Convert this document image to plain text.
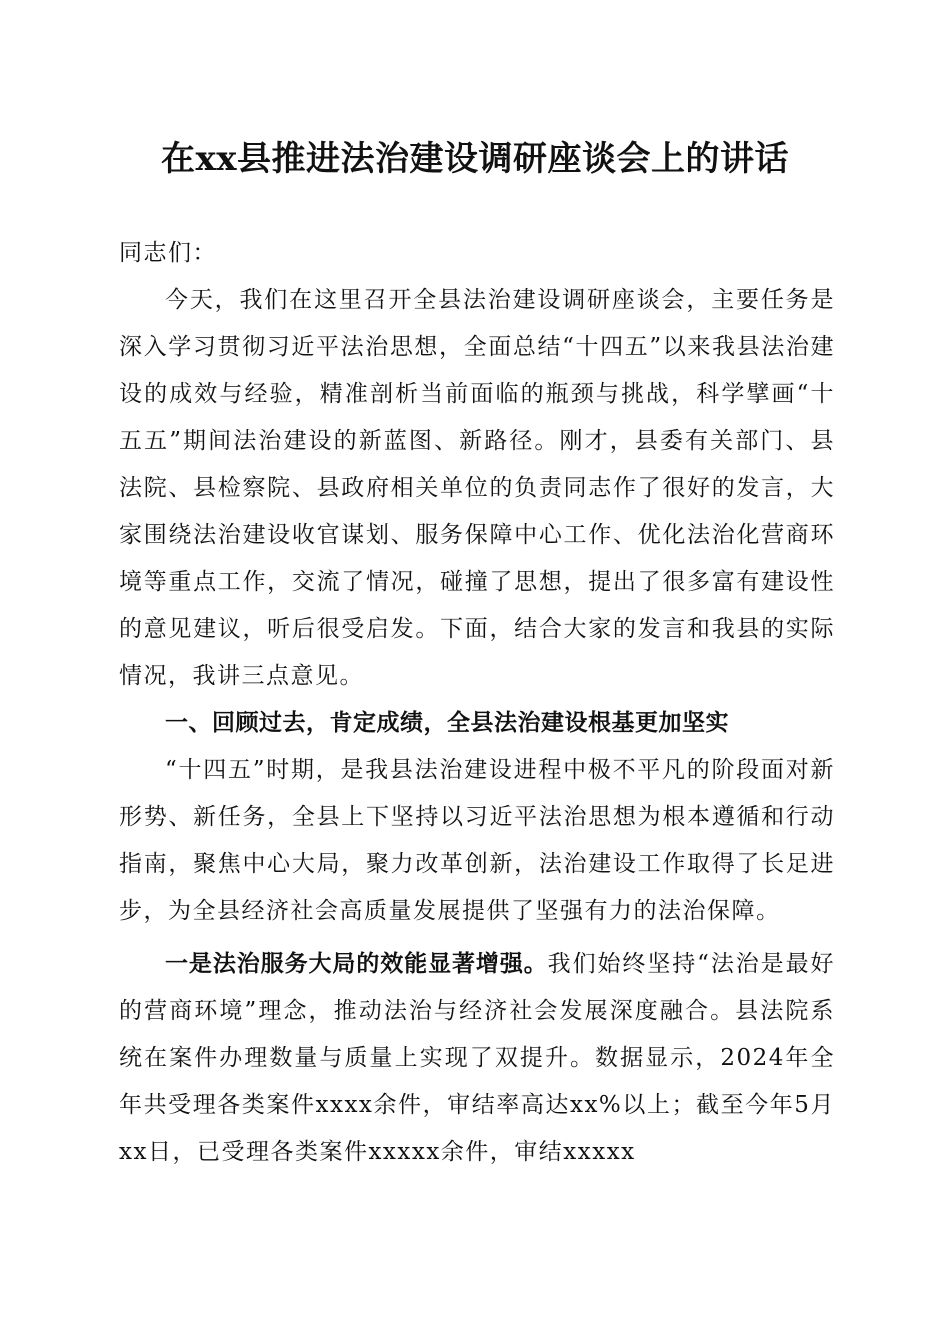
在xx县推进法治建设调研座谈会上的讲话

同志们：

今天，我们在这里召开全县法治建设调研座谈会，主要任务是深入学习贯彻习近平法治思想，全面总结“十四五”以来我县法治建设的成效与经验，精准剖析当前面临的瓶颈与挑战，科学擘画“十五五”期间法治建设的新蓝图、新路径。刚才，县委有关部门、县法院、县检察院、县政府相关单位的负责同志作了很好的发言，大家围绕法治建设收官谋划、服务保障中心工作、优化法治化营商环境等重点工作，交流了情况，碰撞了思想，提出了很多富有建设性的意见建议，听后很受启发。下面，结合大家的发言和我县的实际情况，我讲三点意见。

一、回顾过去，肯定成绩，全县法治建设根基更加坚实

“十四五”时期，是我县法治建设进程中极不平凡的阶段面对新形势、新任务，全县上下坚持以习近平法治思想为根本遵循和行动指南，聚焦中心大局，聚力改革创新，法治建设工作取得了长足进步，为全县经济社会高质量发展提供了坚强有力的法治保障。

一是法治服务大局的效能显著增强。我们始终坚持“法治是最好的营商环境”理念，推动法治与经济社会发展深度融合。县法院系统在案件办理数量与质量上实现了双提升。数据显示，2024年全年共受理各类案件xxxx余件，审结率高达xx%以上；截至今年5月xx日，已受理各类案件xxxxx余件，审结xxxxx
